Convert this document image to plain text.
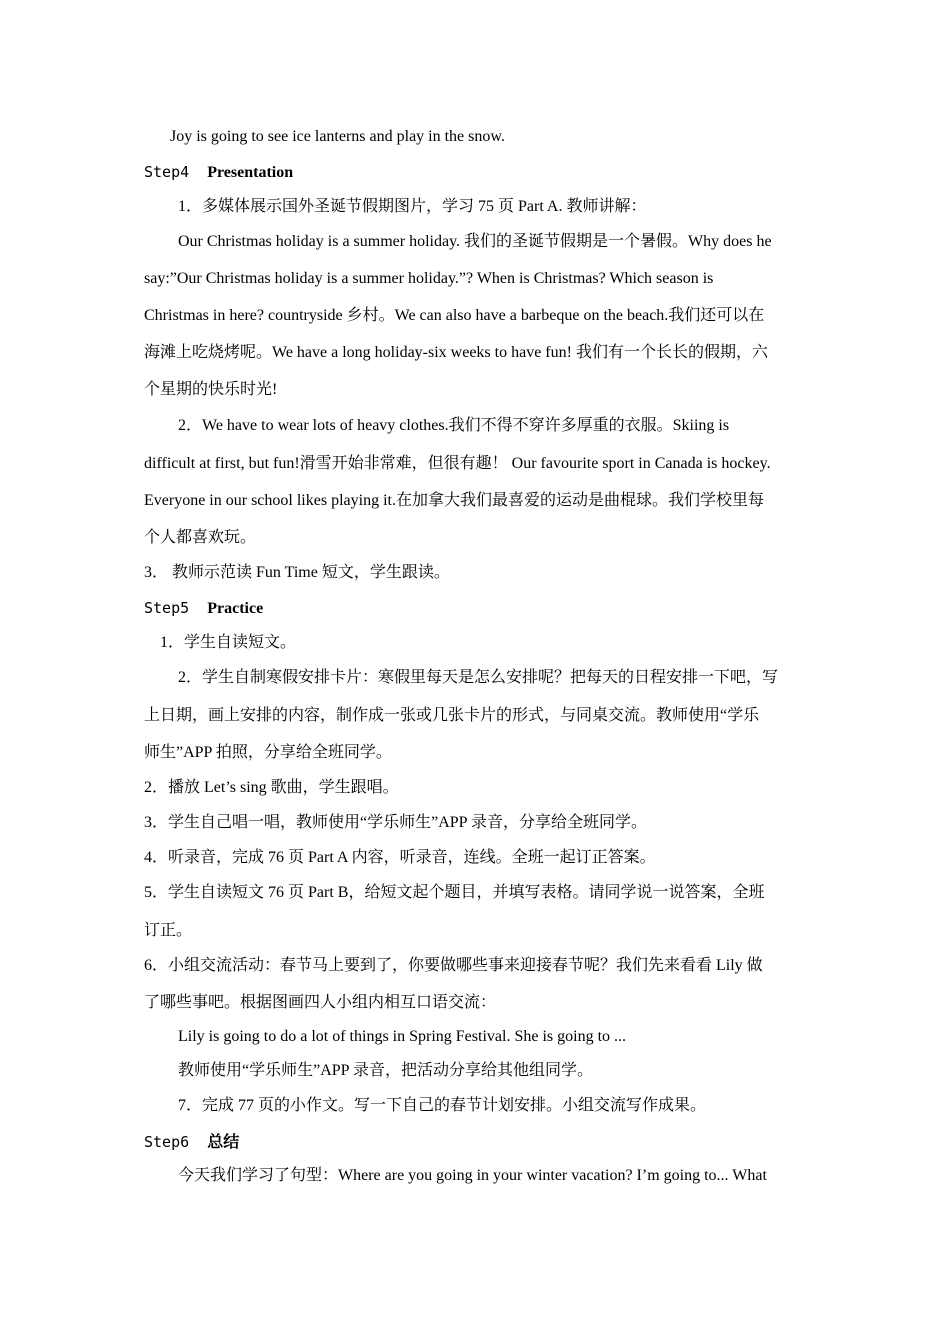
Joy is going to see ice lanterns and play in the snow.
Step4 Presentation
1．多媒体展示国外圣诞节假期图片，学习 75 页 Part A. 教师讲解：
Our Christmas holiday is a summer holiday. 我们的圣诞节假期是一个暑假。Why does he
say:”Our Christmas holiday is a summer holiday.”? When is Christmas? Which season is
Christmas in here? countryside 乡村。We can also have a barbeque on the beach.我们还可以在
海滩上吃烧烤呢。We have a long holiday-six weeks to have fun! 我们有一个长长的假期，六
个星期的快乐时光!
2．We have to wear lots of heavy clothes.我们不得不穿许多厚重的衣服。Skiing is
difficult at first, but fun!滑雪开始非常难，但很有趣！ Our favourite sport in Canada is hockey.
Everyone in our school likes playing it.在加拿大我们最喜爱的运动是曲棍球。我们学校里每
个人都喜欢玩。
3． 教师示范读 Fun Time 短文，学生跟读。
Step5 Practice
1．学生自读短文。
2．学生自制寒假安排卡片：寒假里每天是怎么安排呢？把每天的日程安排一下吧，写
上日期，画上安排的内容，制作成一张或几张卡片的形式，与同桌交流。教师使用“学乐
师生”APP 拍照，分享给全班同学。
2．播放 Let’s sing 歌曲，学生跟唱。
3．学生自己唱一唱，教师使用“学乐师生”APP 录音，分享给全班同学。
4．听录音，完成 76 页 Part A 内容，听录音，连线。全班一起订正答案。
5．学生自读短文 76 页 Part B，给短文起个题目，并填写表格。请同学说一说答案，全班
订正。
6．小组交流活动：春节马上要到了，你要做哪些事来迎接春节呢？我们先来看看 Lily 做
了哪些事吧。根据图画四人小组内相互口语交流：
Lily is going to do a lot of things in Spring Festival. She is going to ...
教师使用“学乐师生”APP 录音，把活动分享给其他组同学。
7．完成 77 页的小作文。写一下自己的春节计划安排。小组交流写作成果。
Step6 总结
今天我们学习了句型：Where are you going in your winter vacation? I’m going to... What
